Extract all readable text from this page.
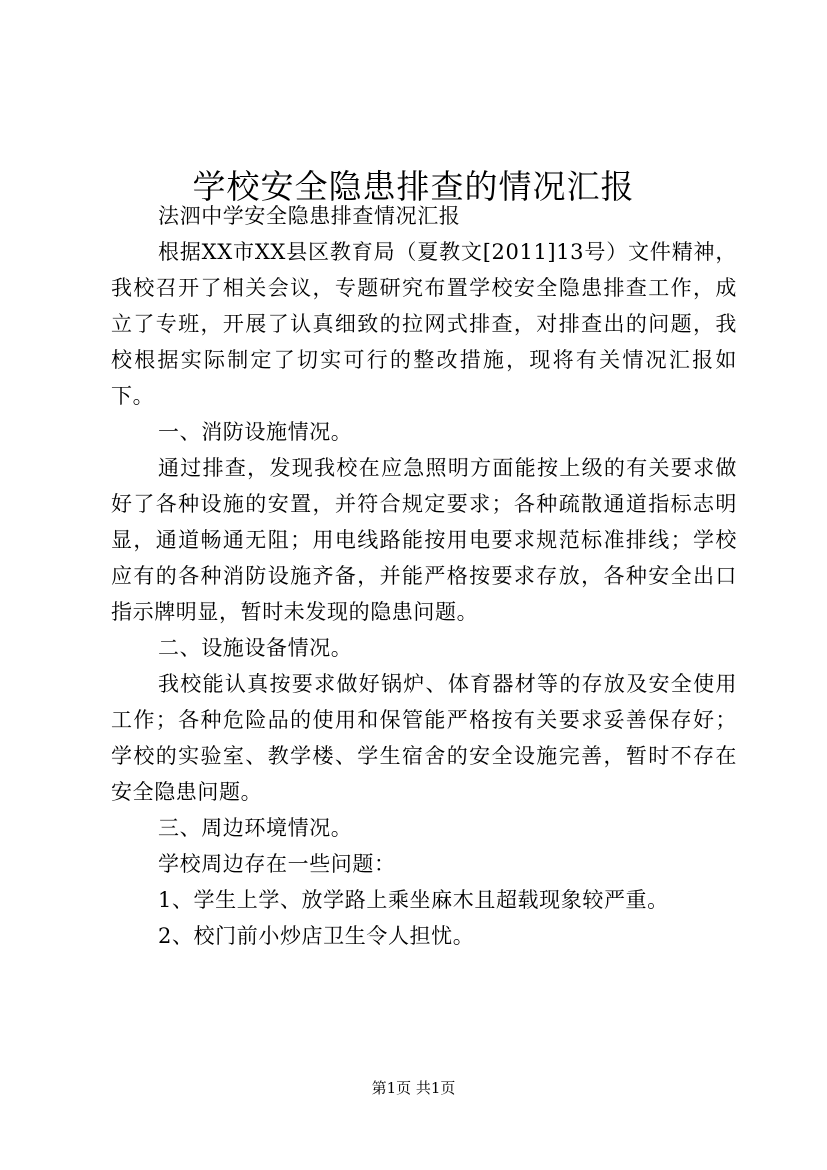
学校安全隐患排查的情况汇报

法泗中学安全隐患排查情况汇报

根据XX市XX县区教育局（夏教文[2011]13号）文件精神，我校召开了相关会议，专题研究布置学校安全隐患排查工作，成立了专班，开展了认真细致的拉网式排查，对排查出的问题，我校根据实际制定了切实可行的整改措施，现将有关情况汇报如下。

一、消防设施情况。

通过排查，发现我校在应急照明方面能按上级的有关要求做好了各种设施的安置，并符合规定要求；各种疏散通道指标志明显，通道畅通无阻；用电线路能按用电要求规范标准排线；学校应有的各种消防设施齐备，并能严格按要求存放，各种安全出口指示牌明显，暂时未发现的隐患问题。

二、设施设备情况。

我校能认真按要求做好锅炉、体育器材等的存放及安全使用工作；各种危险品的使用和保管能严格按有关要求妥善保存好；学校的实验室、教学楼、学生宿舍的安全设施完善，暂时不存在安全隐患问题。

三、周边环境情况。

学校周边存在一些问题：

1、学生上学、放学路上乘坐麻木且超载现象较严重。

2、校门前小炒店卫生令人担忧。

第1页 共1页
